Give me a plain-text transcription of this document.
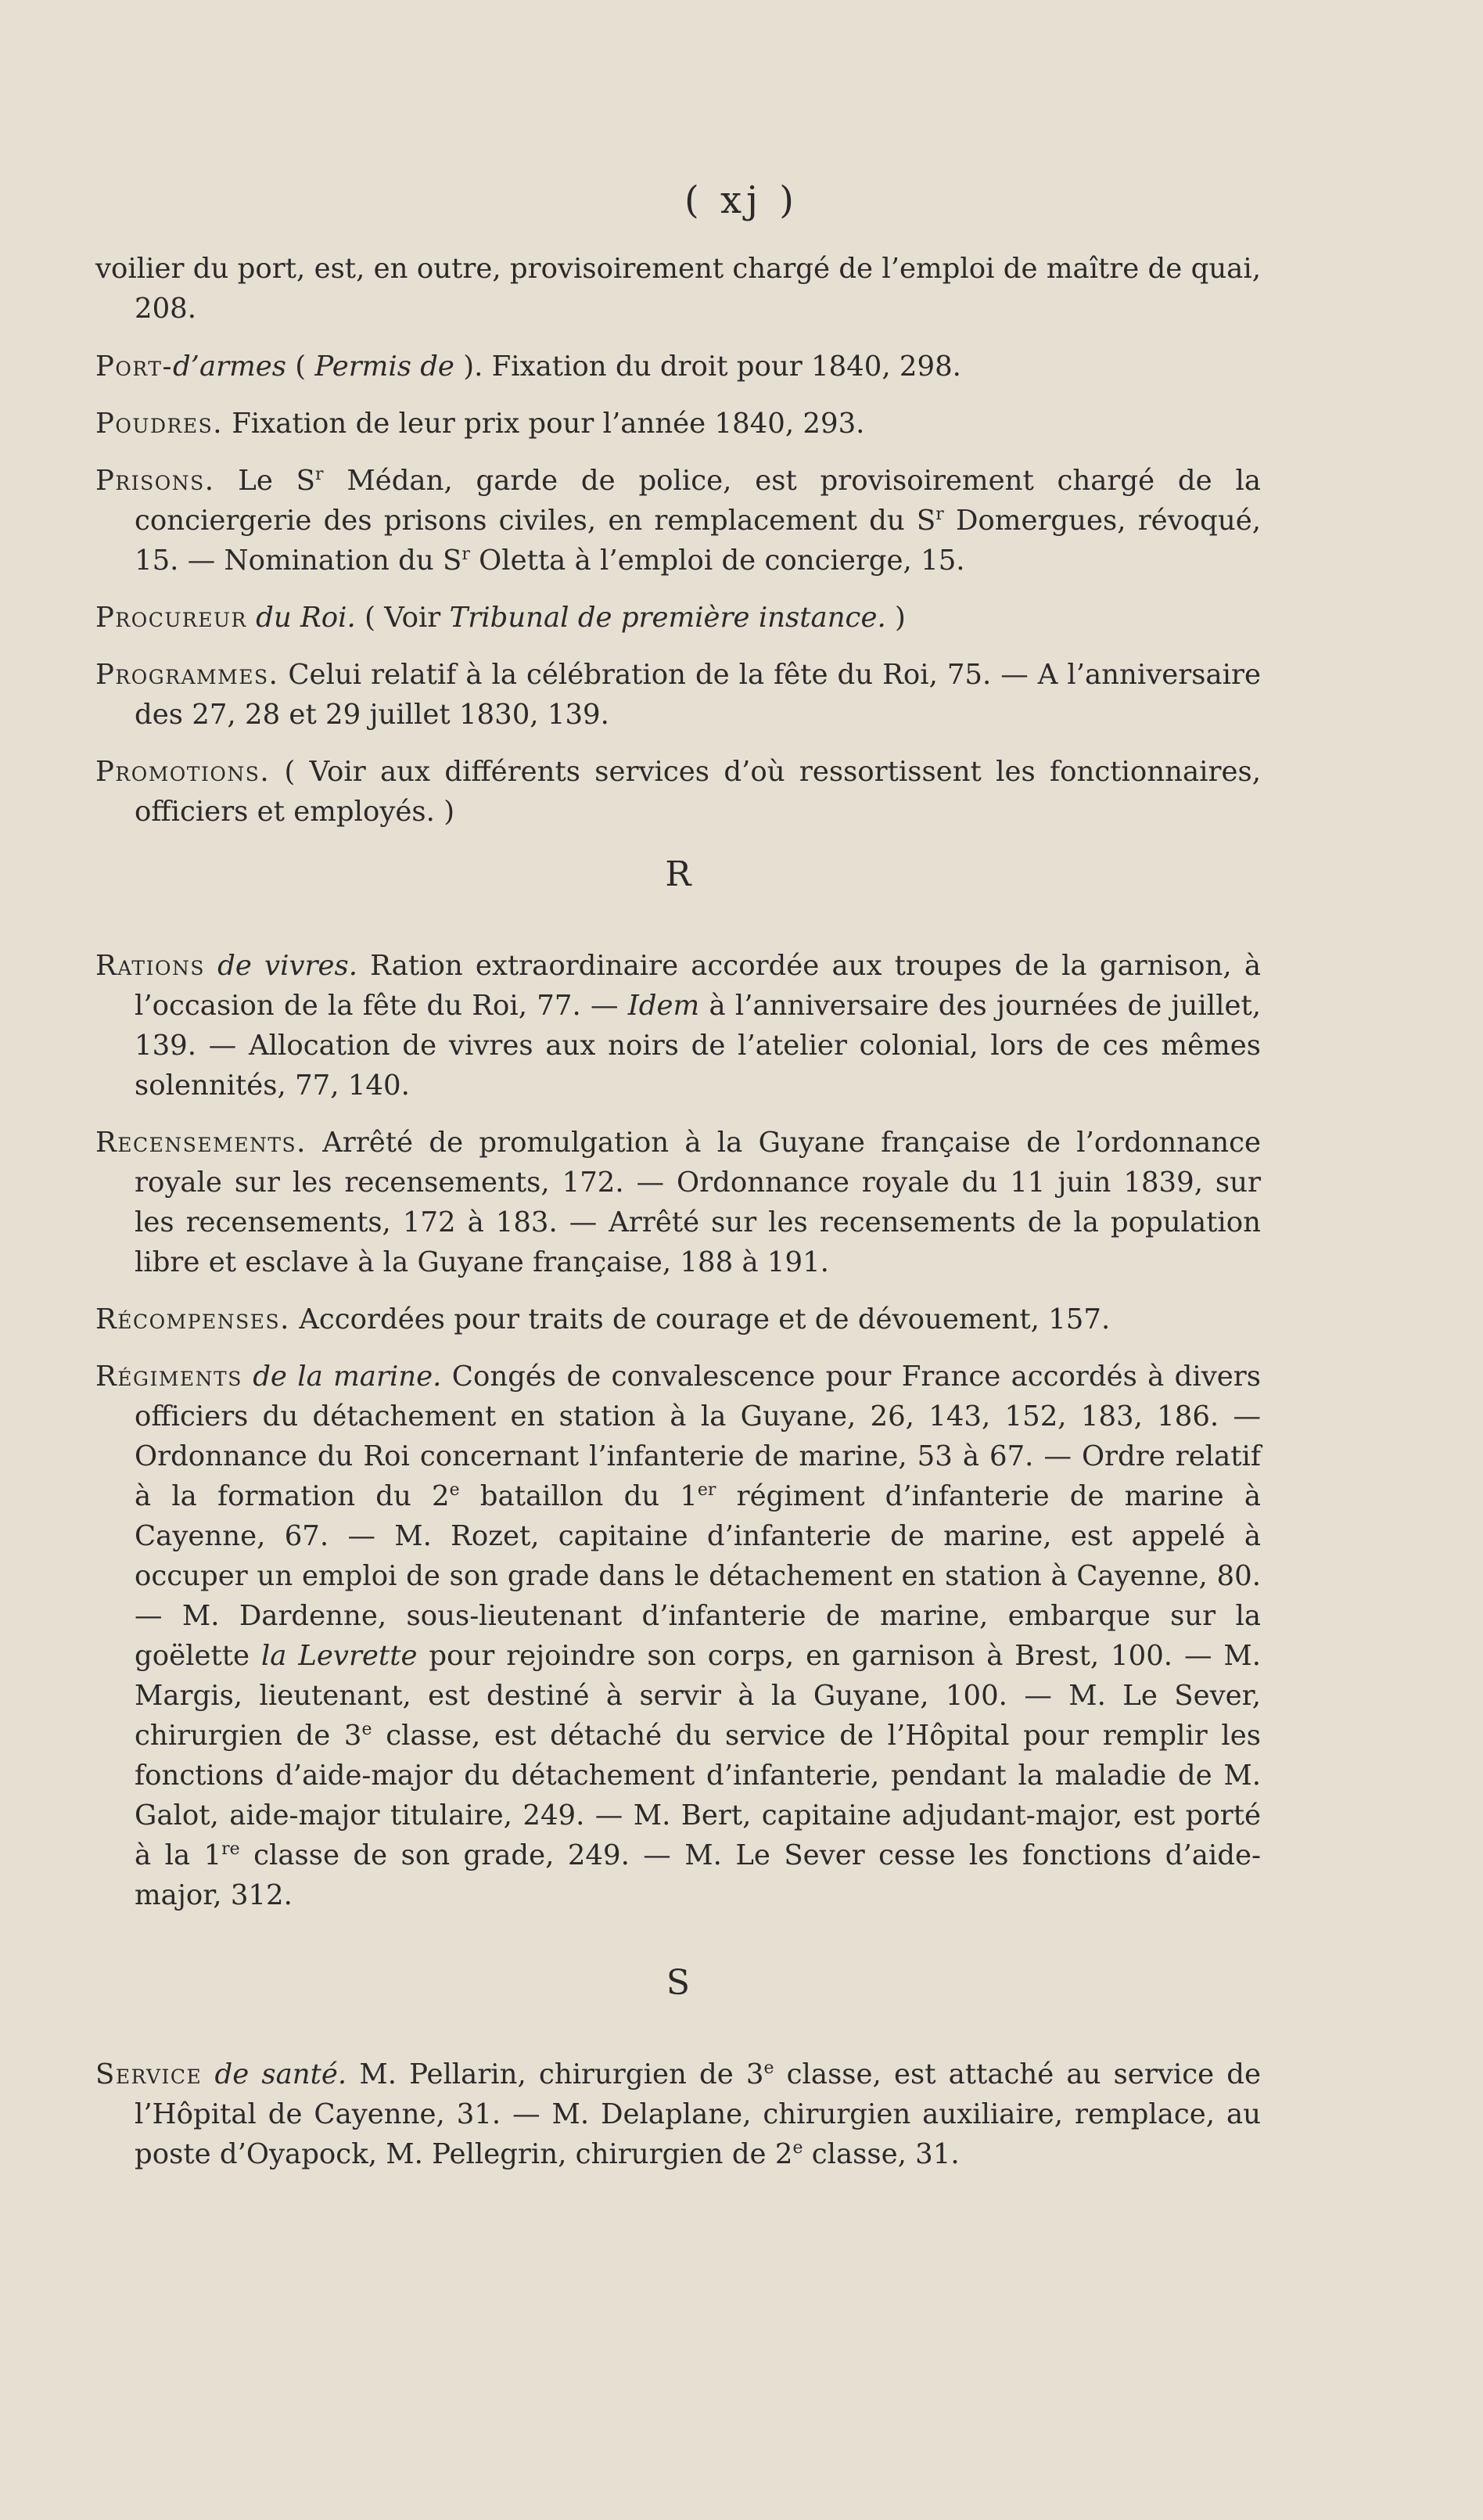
( xj )

voilier du port, est, en outre, provisoirement chargé de l’emploi de maître de quai, 208.

Port-d’armes ( Permis de ). Fixation du droit pour 1840, 298.

Poudres. Fixation de leur prix pour l’année 1840, 293.

Prisons. Le $S^r$ Médan, garde de police, est provisoirement chargé de la conciergerie des prisons civiles, en remplacement du $S^r$ Domergues, révoqué, 15. — Nomination du $S^r$ Oletta à l’emploi de concierge, 15.

Procureur du Roi. ( Voir Tribunal de première instance. )

Programmes. Celui relatif à la célébration de la fête du Roi, 75. — A l’anniversaire des 27, 28 et 29 juillet 1830, 139.

Promotions. ( Voir aux différents services d’où ressortissent les fonctionnaires, officiers et employés. )

R

Rations de vivres. Ration extraordinaire accordée aux troupes de la garnison, à l’occasion de la fête du Roi, 77. — Idem à l’anniversaire des journées de juillet, 139. — Allocation de vivres aux noirs de l’atelier colonial, lors de ces mêmes solennités, 77, 140.

Recensements. Arrêté de promulgation à la Guyane française de l’ordonnance royale sur les recensements, 172. — Ordonnance royale du 11 juin 1839, sur les recensements, 172 à 183. — Arrêté sur les recensements de la population libre et esclave à la Guyane française, 188 à 191.

Récompenses. Accordées pour traits de courage et de dévouement, 157.

Régiments de la marine. Congés de convalescence pour France accordés à divers officiers du détachement en station à la Guyane, 26, 143, 152, 183, 186. — Ordonnance du Roi concernant l’infanterie de marine, 53 à 67. — Ordre relatif à la formation du 2e bataillon du 1er régiment d’infanterie de marine à Cayenne, 67. — M. Rozet, capitaine d’infanterie de marine, est appelé à occuper un emploi de son grade dans le détachement en station à Cayenne, 80. — M. Dardenne, sous-lieutenant d’infanterie de marine, embarque sur la goëlette la Levrette pour rejoindre son corps, en garnison à Brest, 100. — M. Margis, lieutenant, est destiné à servir à la Guyane, 100. — M. Le Sever, chirurgien de 3e classe, est détaché du service de l’Hôpital pour remplir les fonctions d’aide-major du détachement d’infanterie, pendant la maladie de M. Galot, aide-major titulaire, 249. — M. Bert, capitaine adjudant-major, est porté à la 1re classe de son grade, 249. — M. Le Sever cesse les fonctions d’aide-major, 312.

S

Service de santé. M. Pellarin, chirurgien de 3e classe, est attaché au service de l’Hôpital de Cayenne, 31. — M. Delaplane, chirurgien auxiliaire, remplace, au poste d’Oyapock, M. Pellegrin, chirurgien de 2e classe, 31.
